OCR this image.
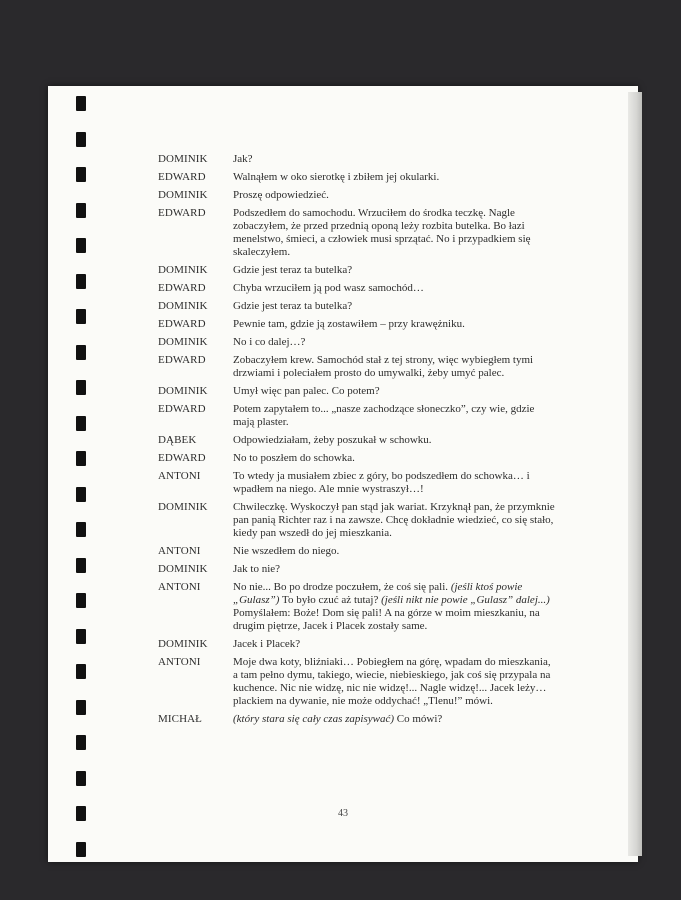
43
DOMINIK	Jak?
EDWARD	Walnąłem w oko sierotkę i zbiłem jej okularki.
DOMINIK	Proszę odpowiedzieć.
EDWARD	Podszedłem do samochodu. Wrzuciłem do środka teczkę. Nagle zobaczyłem, że przed przednią oponą leży rozbita butelka. Bo łazi menelstwo, śmieci, a człowiek musi sprzątać. No i przypadkiem się skaleczyłem.
DOMINIK	Gdzie jest teraz ta butelka?
EDWARD	Chyba wrzuciłem ją pod wasz samochód…
DOMINIK	Gdzie jest teraz ta butelka?
EDWARD	Pewnie tam, gdzie ją zostawiłem – przy krawężniku.
DOMINIK	No i co dalej…?
EDWARD	Zobaczyłem krew. Samochód stał z tej strony, więc wybiegłem tymi drzwiami i poleciałem prosto do umywalki, żeby umyć palec.
DOMINIK	Umył więc pan palec. Co potem?
EDWARD	Potem zapytałem to... „nasze zachodzące słoneczko”, czy wie, gdzie mają plaster.
DĄBEK	Odpowiedziałam, żeby poszukał w schowku.
EDWARD	No to poszłem do schowka.
ANTONI	To wtedy ja musiałem zbiec z góry, bo podszedłem do schowka… i wpadłem na niego. Ale mnie wystraszył…!
DOMINIK	Chwileczkę. Wyskoczył pan stąd jak wariat. Krzyknął pan, że przymknie pan panią Richter raz i na zawsze. Chcę dokładnie wiedzieć, co się stało, kiedy pan wszedł do jej mieszkania.
ANTONI	Nie wszedłem do niego.
DOMINIK	Jak to nie?
ANTONI	No nie... Bo po drodze poczułem, że coś się pali. (jeśli ktoś powie „Gulasz”) To było czuć aż tutaj? (jeśli nikt nie powie „Gulasz” dalej...) Pomyślałem: Boże! Dom się pali! A na górze w moim mieszkaniu, na drugim piętrze, Jacek i Placek zostały same.
DOMINIK	Jacek i Placek?
ANTONI	Moje dwa koty, bliźniaki… Pobiegłem na górę, wpadam do mieszkania, a tam pełno dymu, takiego, wiecie, niebieskiego, jak coś się przypala na kuchence. Nic nie widzę, nic nie widzę!... Nagle widzę!... Jacek leży… plackiem na dywanie, nie może oddychać! „Tlenu!” mówi.
MICHAŁ	(który stara się cały czas zapisywać) Co mówi?
